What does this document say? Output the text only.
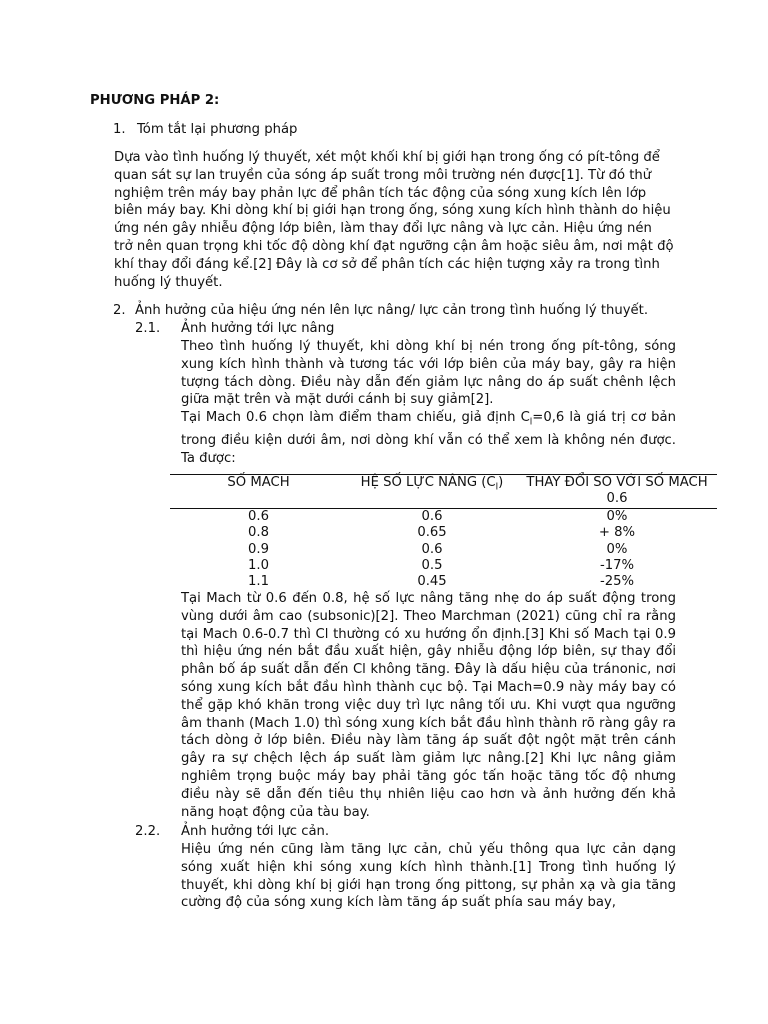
PHƯƠNG PHÁP 2:
1. Tóm tắt lại phương pháp

Dựa vào tình huống lý thuyết, xét một khối khí bị giới hạn trong ống có pít-tông để quan sát sự lan truyền của sóng áp suất trong môi trường nén được[1]. Từ đó thử nghiệm trên máy bay phản lực để phân tích tác động của sóng xung kích lên lớp biên máy bay. Khi dòng khí bị giới hạn trong ống, sóng xung kích hình thành do hiệu ứng nén gây nhiễu động lớp biên, làm thay đổi lực nâng và lực cản. Hiệu ứng nén trở nên quan trọng khi tốc độ dòng khí đạt ngưỡng cận âm hoặc siêu âm, nơi mật độ khí thay đổi đáng kể.[2] Đây là cơ sở để phân tích các hiện tượng xảy ra trong tình huống lý thuyết.

2. Ảnh hưởng của hiệu ứng nén lên lực nâng/ lực cản trong tình huống lý thuyết.
2.1. Ảnh hưởng tới lực nâng

Theo tình huống lý thuyết, khi dòng khí bị nén trong ống pít-tông, sóng xung kích hình thành và tương tác với lớp biên của máy bay, gây ra hiện tượng tách dòng. Điều này dẫn đến giảm lực nâng do áp suất chênh lệch giữa mặt trên và mặt dưới cánh bị suy giảm[2].

Tại Mach 0.6 chọn làm điểm tham chiếu, giả định $C_l=0,6$ là giá trị cơ bản trong điều kiện dưới âm, nơi dòng khí vẫn có thể xem là không nén được. Ta được:

SỐ MACH	HỆ SỐ LỰC NÂNG $(C_l)$	THAY ĐỔI SO VỚI SỐ MACH 0.6
0.6	0.6	0%
0.8	0.65	+ 8%
0.9	0.6	0%
1.0	0.5	-17%
1.1	0.45	-25%

Tại Mach từ 0.6 đến 0.8, hệ số lực nâng tăng nhẹ do áp suất động trong vùng dưới âm cao (subsonic)[2]. Theo Marchman (2021) cũng chỉ ra rằng tại Mach 0.6-0.7 thì Cl thường có xu hướng ổn định.[3] Khi số Mach tại 0.9 thì hiệu ứng nén bắt đầu xuất hiện, gây nhiễu động lớp biên, sự thay đổi phân bố áp suất dẫn đến Cl không tăng. Đây là dấu hiệu của tránonic, nơi sóng xung kích bắt đầu hình thành cục bộ. Tại Mach=0.9 này máy bay có thể gặp khó khăn trong việc duy trì lực nâng tối ưu. Khi vượt qua ngưỡng âm thanh (Mach 1.0) thì sóng xung kích bắt đầu hình thành rõ ràng gây ra tách dòng ở lớp biên. Điều này làm tăng áp suất đột ngột mặt trên cánh gây ra sự chệch lệch áp suất làm giảm lực nâng.[2] Khi lực nâng giảm nghiêm trọng buộc máy bay phải tăng góc tấn hoặc tăng tốc độ nhưng điều này sẽ dẫn đến tiêu thụ nhiên liệu cao hơn và ảnh hưởng đến khả năng hoạt động của tàu bay.

2.2. Ảnh hưởng tới lực cản.

Hiệu ứng nén cũng làm tăng lực cản, chủ yếu thông qua lực cản dạng sóng xuất hiện khi sóng xung kích hình thành.[1] Trong tình huống lý thuyết, khi dòng khí bị giới hạn trong ống pittong, sự phản xạ và gia tăng cường độ của sóng xung kích làm tăng áp suất phía sau máy bay,
